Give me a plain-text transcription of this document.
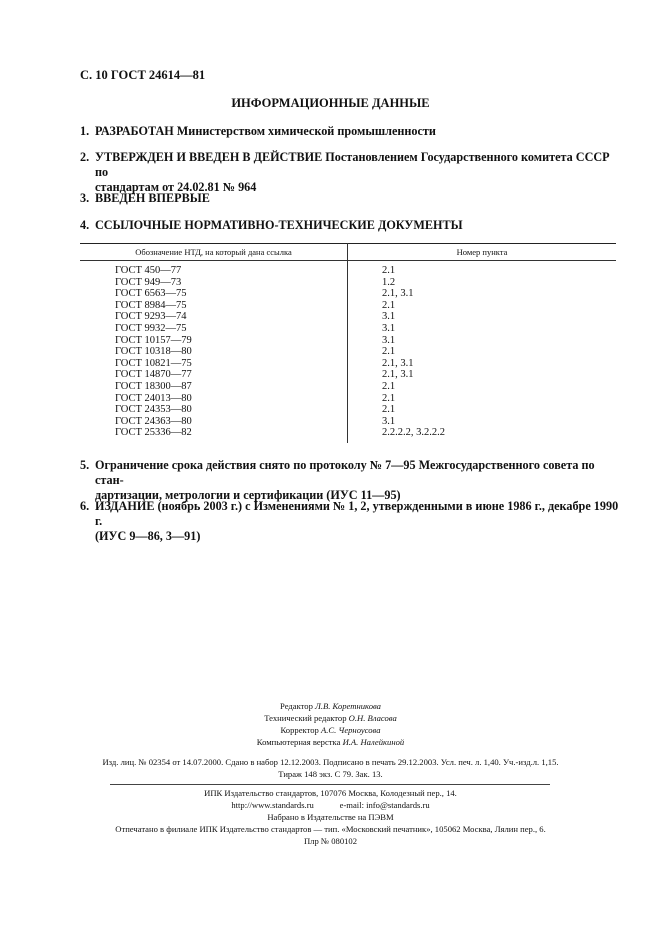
С. 10 ГОСТ 24614—81
ИНФОРМАЦИОННЫЕ ДАННЫЕ
1. РАЗРАБОТАН Министерством химической промышленности
2. УТВЕРЖДЕН И ВВЕДЕН В ДЕЙСТВИЕ Постановлением Государственного комитета СССР по
стандартам от 24.02.81 № 964
3. ВВЕДЕН ВПЕРВЫЕ
4. ССЫЛОЧНЫЕ НОРМАТИВНО-ТЕХНИЧЕСКИЕ ДОКУМЕНТЫ
Обозначение НТД, на который дана ссылка	Номер пункта
ГОСТ 450—77	2.1
ГОСТ 949—73	1.2
ГОСТ 6563—75	2.1, 3.1
ГОСТ 8984—75	2.1
ГОСТ 9293—74	3.1
ГОСТ 9932—75	3.1
ГОСТ 10157—79	3.1
ГОСТ 10318—80	2.1
ГОСТ 10821—75	2.1, 3.1
ГОСТ 14870—77	2.1, 3.1
ГОСТ 18300—87	2.1
ГОСТ 24013—80	2.1
ГОСТ 24353—80	2.1
ГОСТ 24363—80	3.1
ГОСТ 25336—82	2.2.2.2, 3.2.2.2
5. Ограничение срока действия снято по протоколу № 7—95 Межгосударственного совета по стан-
дартизации, метрологии и сертификации (ИУС 11—95)
6. ИЗДАНИЕ (ноябрь 2003 г.) с Изменениями № 1, 2, утвержденными в июне 1986 г., декабре 1990 г.
(ИУС 9—86, 3—91)
Редактор Л.В. Коретникова
Технический редактор О.Н. Власова
Корректор А.С. Черноусова
Компьютерная верстка И.А. Налейкиной
Изд. лиц. № 02354 от 14.07.2000. Сдано в набор 12.12.2003. Подписано в печать 29.12.2003. Усл. печ. л. 1,40. Уч.-изд.л. 1,15.
Тираж 148 экз. С 79. Зак. 13.
ИПК Издательство стандартов, 107076 Москва, Колодезный пер., 14.
http://www.standards.ru            e-mail: info@standards.ru
Набрано в Издательстве на ПЭВМ
Отпечатано в филиале ИПК Издательство стандартов — тип. «Московский печатник», 105062 Москва, Лялин пер., 6.
Плр № 080102
